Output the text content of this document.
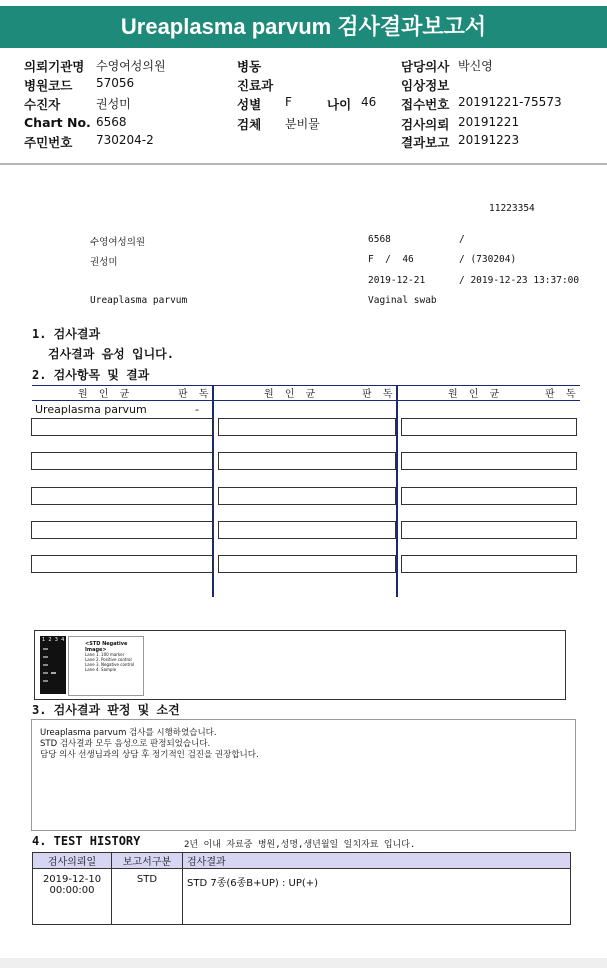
Ureaplasma parvum 검사결과보고서
의뢰기관명 수영여성의원
병원코드 57056
수진자	권성미
Chart No. 6568
주민번호 730204-2
병동
진료과
성별 F	나이 46
검체 분비물
담당의사 박신영
임상정보
접수번호 20191221-75573
검사의뢰 20191221
결과보고 20191223
11223354
수영여성의원	6568	/
권성미	F  /  46	/ (730204)
2019-12-21	/ 2019-12-23 13:37:00
Ureaplasma parvum	Vaginal swab
1. 검사결과
검사결과 음성 입니다.
2. 검사항목 및 결과
원 인 균	판 독	원 인 균	판 독	원 인 균	판 독
Ureaplasma parvum	-
1  2  3  4
<STD Negative Image>
Lane 1. 100 marker
Lane 2. Positive control
Lane 3. Negative control
Lane 4. Sample
3. 검사결과 판정 및 소견
Ureaplasma parvum 검사를 시행하였습니다.
STD 검사결과 모두 음성으로 판정되었습니다.
담당 의사 선생님과의 상담 후 정기적인 검진을 권장합니다.
4. TEST HISTORY	2년 이내 자료중 병원,성명,생년월일 일치자료 입니다.
검사의뢰일	보고서구분	검사결과

2019-12-10
00:00:00	STD	STD 7종(6종B+UP) : UP(+)
